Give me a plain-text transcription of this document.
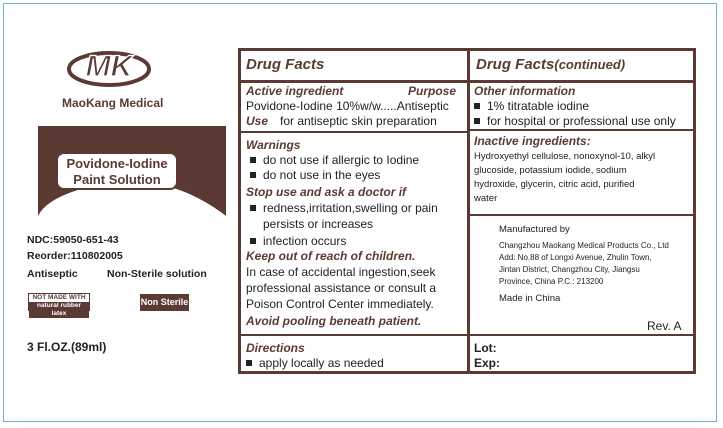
MK
MaoKang Medical
Povidone-Iodine
Paint Solution
NDC:59050-651-43
Reorder:110802005
Antiseptic	Non-Sterile solution
NOT MADE WITH
natural rubber latex
Non Sterile
3 Fl.OZ.(89ml)
Drug Facts
Active ingredient	Purpose
Povidone-Iodine 10%w/w.....Antiseptic
Use for antiseptic skin preparation
Warnings
do not use if allergic to Iodine
do not use in the eyes
Stop use and ask a doctor if
redness,irritation,swelling or pain
persists or increases
infection occurs
Keep out of reach of children.
In case of accidental ingestion,seek
professional assistance or consult a
Poison Control Center immediately.
Avoid pooling beneath patient.
Directions
apply locally as needed
Drug Facts(continued)
Other information
1% titratable iodine
for hospital or professional use only
Inactive ingredients:
Hydroxyethyl cellulose, nonoxynol-10, alkyl
glucoside, potassium iodide, sodium
hydroxide, glycerin, citric acid, purified
water
Manufactured by
Changzhou Maokang Medical Products Co., Ltd
Add: No.88 of Longxi Avenue, Zhulin Town,
Jintan District, Changzhou City, Jiangsu
Province, China P.C.: 213200
Made in China
Rev. A
Lot:
Exp:
